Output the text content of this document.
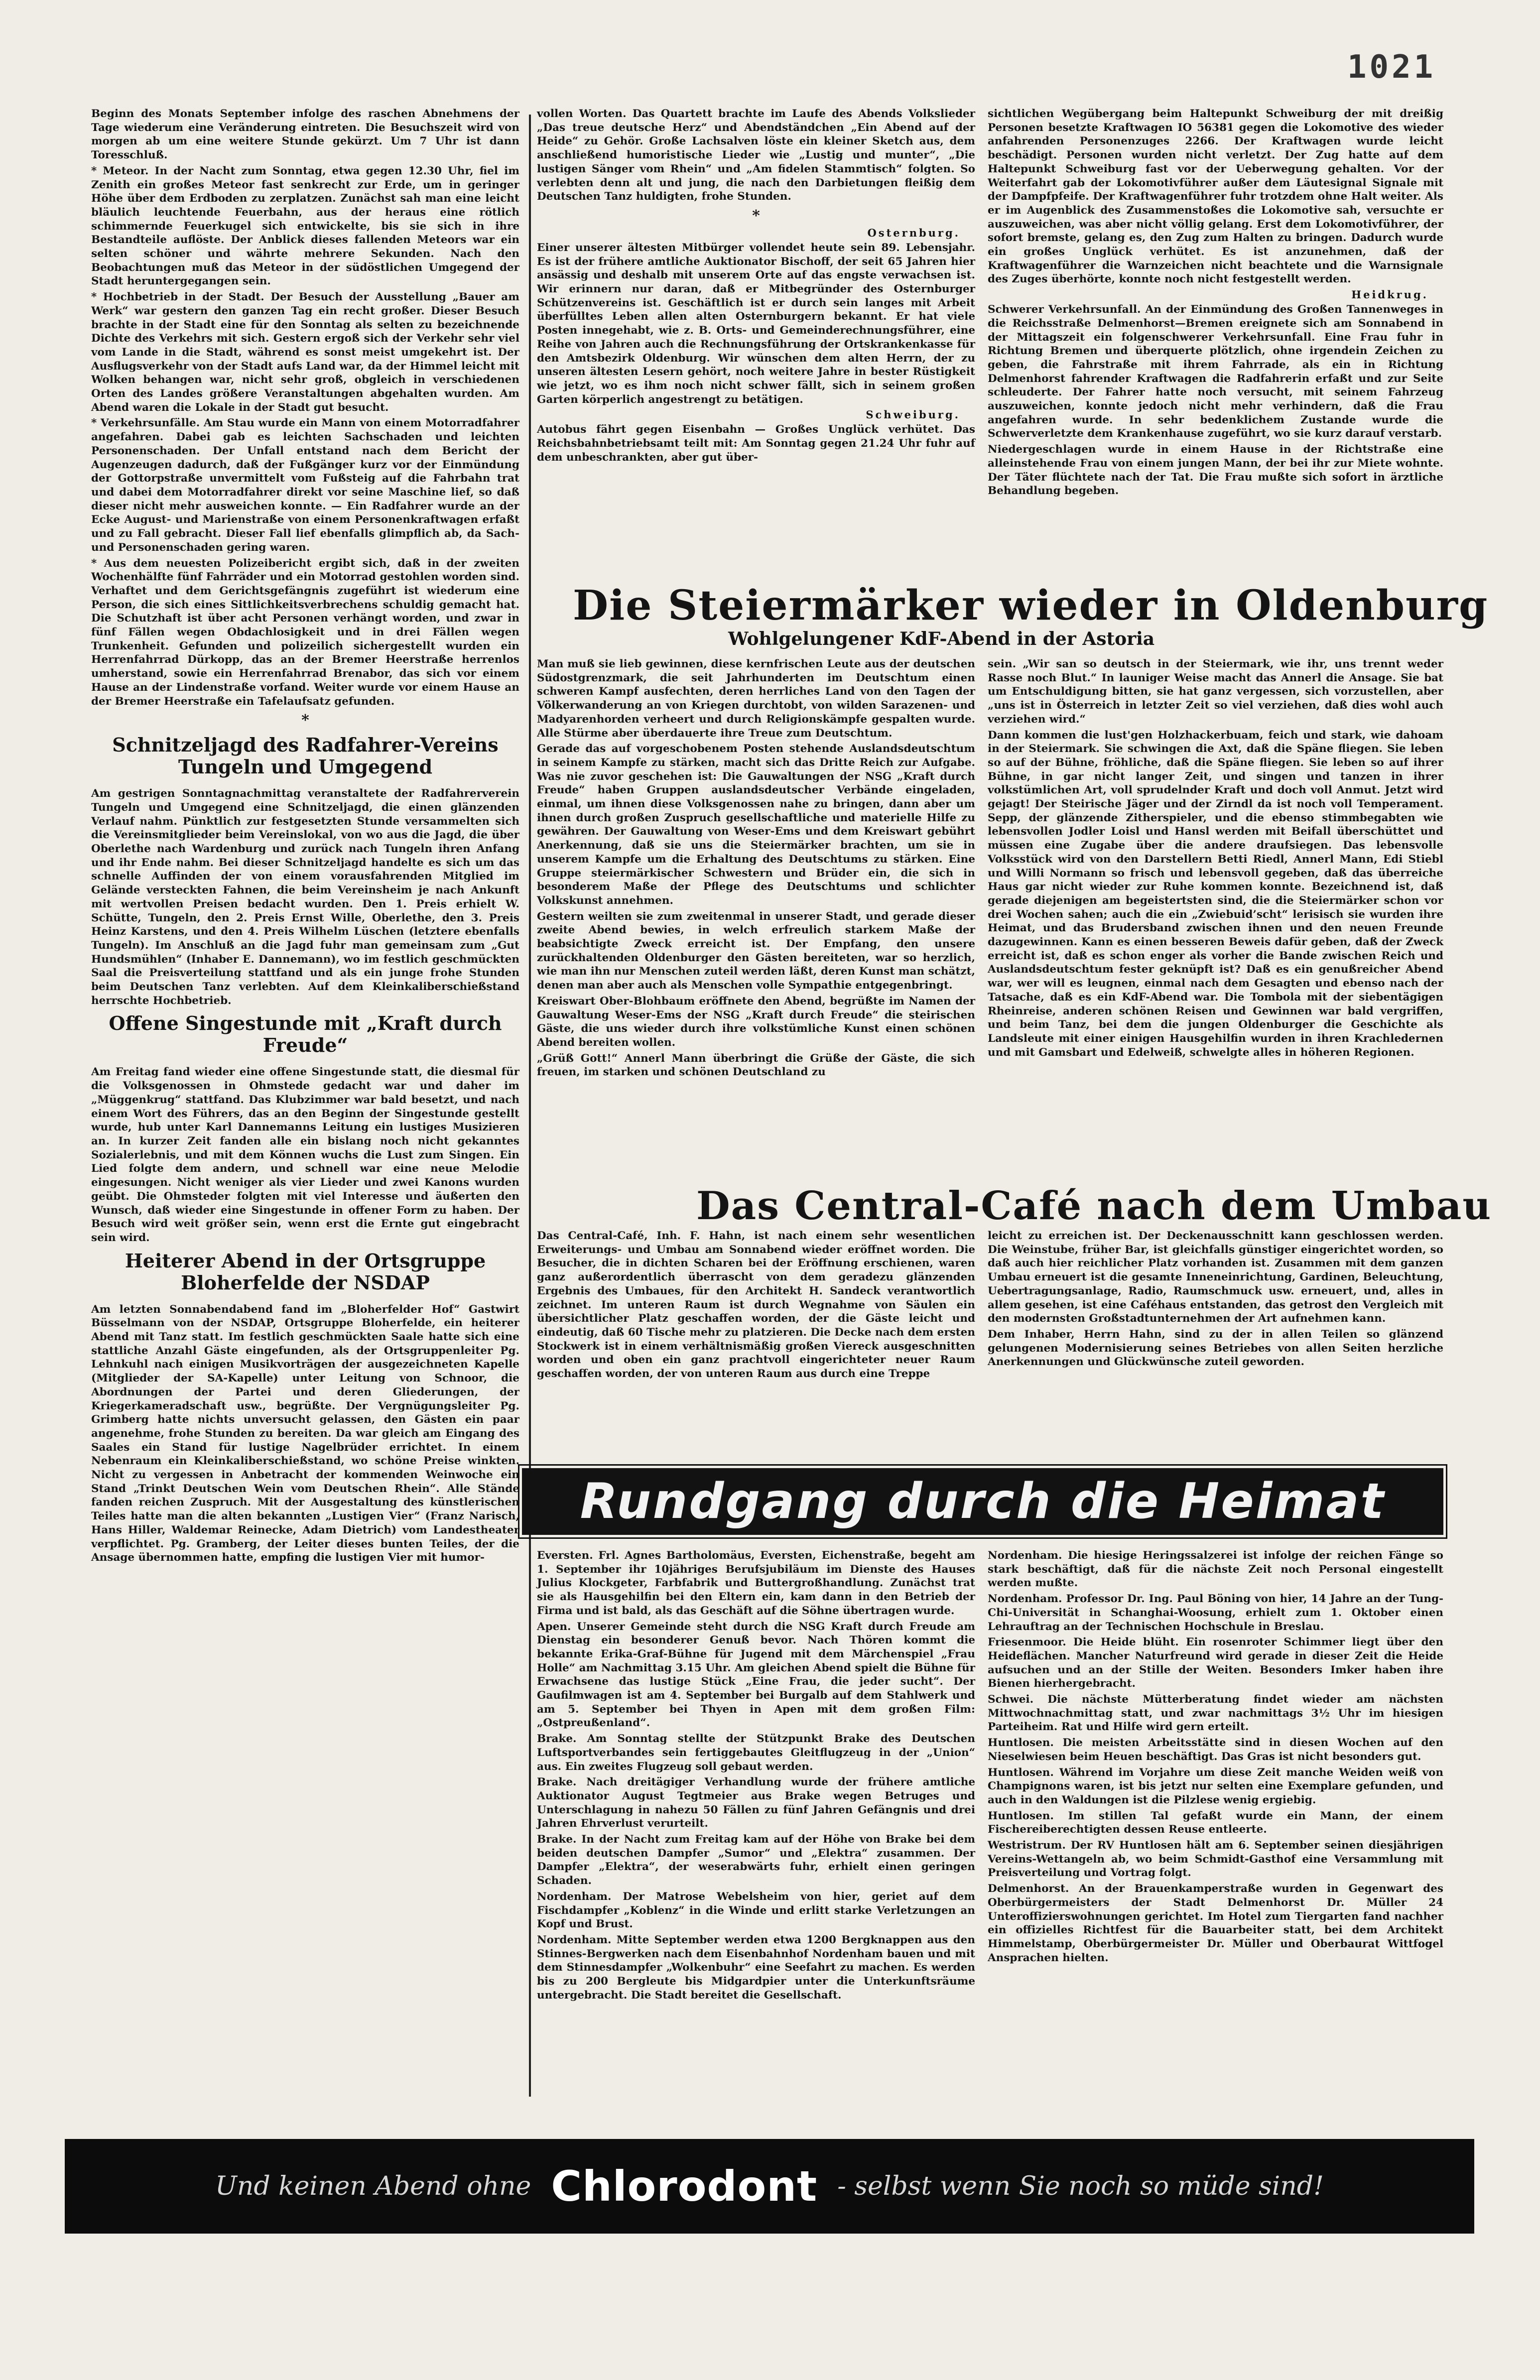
1021

Beginn des Monats September infolge des raschen Abnehmens der Tage wiederum eine Veränderung eintreten. Die Besuchszeit wird von morgen ab um eine weitere Stunde gekürzt. Um 7 Uhr ist dann Toresschluß.

* Meteor. In der Nacht zum Sonntag, etwa gegen 12.30 Uhr, fiel im Zenith ein großes Meteor fast senkrecht zur Erde, um in geringer Höhe über dem Erdboden zu zerplatzen. Zunächst sah man eine leicht bläulich leuchtende Feuerbahn, aus der heraus eine rötlich schimmernde Feuerkugel sich entwickelte, bis sie sich in ihre Bestandteile auflöste. Der Anblick dieses fallenden Meteors war ein selten schöner und währte mehrere Sekunden. Nach den Beobachtungen muß das Meteor in der südöstlichen Umgegend der Stadt heruntergegangen sein.

* Hochbetrieb in der Stadt. Der Besuch der Ausstellung „Bauer am Werk“ war gestern den ganzen Tag ein recht großer. Dieser Besuch brachte in der Stadt eine für den Sonntag als selten zu bezeichnende Dichte des Verkehrs mit sich. Gestern ergoß sich der Verkehr sehr viel vom Lande in die Stadt, während es sonst meist umgekehrt ist. Der Ausflugsverkehr von der Stadt aufs Land war, da der Himmel leicht mit Wolken behangen war, nicht sehr groß, obgleich in verschiedenen Orten des Landes größere Veranstaltungen abgehalten wurden. Am Abend waren die Lokale in der Stadt gut besucht.

* Verkehrsunfälle. Am Stau wurde ein Mann von einem Motorradfahrer angefahren. Dabei gab es leichten Sachschaden und leichten Personenschaden. Der Unfall entstand nach dem Bericht der Augenzeugen dadurch, daß der Fußgänger kurz vor der Einmündung der Gottorpstraße unvermittelt vom Fußsteig auf die Fahrbahn trat und dabei dem Motorradfahrer direkt vor seine Maschine lief, so daß dieser nicht mehr ausweichen konnte. — Ein Radfahrer wurde an der Ecke August- und Marienstraße von einem Personenkraftwagen erfaßt und zu Fall gebracht. Dieser Fall lief ebenfalls glimpflich ab, da Sach- und Personenschaden gering waren.

* Aus dem neuesten Polizeibericht ergibt sich, daß in der zweiten Wochenhälfte fünf Fahrräder und ein Motorrad gestohlen worden sind. Verhaftet und dem Gerichtsgefängnis zugeführt ist wiederum eine Person, die sich eines Sittlichkeitsverbrechens schuldig gemacht hat. Die Schutzhaft ist über acht Personen verhängt worden, und zwar in fünf Fällen wegen Obdachlosigkeit und in drei Fällen wegen Trunkenheit. Gefunden und polizeilich sichergestellt wurden ein Herrenfahrrad Dürkopp, das an der Bremer Heerstraße herrenlos umherstand, sowie ein Herrenfahrrad Brenabor, das sich vor einem Hause an der Lindenstraße vorfand. Weiter wurde vor einem Hause an der Bremer Heerstraße ein Tafelaufsatz gefunden.

*
Schnitzeljagd des Radfahrer-Vereins Tungeln und Umgegend

Am gestrigen Sonntagnachmittag veranstaltete der Radfahrerverein Tungeln und Umgegend eine Schnitzeljagd, die einen glänzenden Verlauf nahm. Pünktlich zur festgesetzten Stunde versammelten sich die Vereinsmitglieder beim Vereinslokal, von wo aus die Jagd, die über Oberlethe nach Wardenburg und zurück nach Tungeln ihren Anfang und ihr Ende nahm. Bei dieser Schnitzeljagd handelte es sich um das schnelle Auffinden der von einem vorausfahrenden Mitglied im Gelände versteckten Fahnen, die beim Vereinsheim je nach Ankunft mit wertvollen Preisen bedacht wurden. Den 1. Preis erhielt W. Schütte, Tungeln, den 2. Preis Ernst Wille, Oberlethe, den 3. Preis Heinz Karstens, und den 4. Preis Wilhelm Lüschen (letztere ebenfalls Tungeln). Im Anschluß an die Jagd fuhr man gemeinsam zum „Gut Hundsmühlen“ (Inhaber E. Dannemann), wo im festlich geschmückten Saal die Preisverteilung stattfand und als ein junge frohe Stunden beim Deutschen Tanz verlebten. Auf dem Kleinkaliberschießstand herrschte Hochbetrieb.

Offene Singestunde mit „Kraft durch Freude“

Am Freitag fand wieder eine offene Singestunde statt, die diesmal für die Volksgenossen in Ohmstede gedacht war und daher im „Müggenkrug“ stattfand. Das Klubzimmer war bald besetzt, und nach einem Wort des Führers, das an den Beginn der Singestunde gestellt wurde, hub unter Karl Dannemanns Leitung ein lustiges Musizieren an. In kurzer Zeit fanden alle ein bislang noch nicht gekanntes Sozialerlebnis, und mit dem Können wuchs die Lust zum Singen. Ein Lied folgte dem andern, und schnell war eine neue Melodie eingesungen. Nicht weniger als vier Lieder und zwei Kanons wurden geübt. Die Ohmsteder folgten mit viel Interesse und äußerten den Wunsch, daß wieder eine Singestunde in offener Form zu haben. Der Besuch wird weit größer sein, wenn erst die Ernte gut eingebracht sein wird.

Heiterer Abend in der Ortsgruppe Bloherfelde der NSDAP

Am letzten Sonnabendabend fand im „Bloherfelder Hof“ Gastwirt Büsselmann von der NSDAP, Ortsgruppe Bloherfelde, ein heiterer Abend mit Tanz statt. Im festlich geschmückten Saale hatte sich eine stattliche Anzahl Gäste eingefunden, als der Ortsgruppenleiter Pg. Lehnkuhl nach einigen Musikvorträgen der ausgezeichneten Kapelle (Mitglieder der SA-Kapelle) unter Leitung von Schnoor, die Abordnungen der Partei und deren Gliederungen, der Kriegerkameradschaft usw., begrüßte. Der Vergnügungsleiter Pg. Grimberg hatte nichts unversucht gelassen, den Gästen ein paar angenehme, frohe Stunden zu bereiten. Da war gleich am Eingang des Saales ein Stand für lustige Nagelbrüder errichtet. In einem Nebenraum ein Kleinkaliberschießstand, wo schöne Preise winkten. Nicht zu vergessen in Anbetracht der kommenden Weinwoche ein Stand „Trinkt Deutschen Wein vom Deutschen Rhein“. Alle Stände fanden reichen Zuspruch. Mit der Ausgestaltung des künstlerischen Teiles hatte man die alten bekannten „Lustigen Vier“ (Franz Narisch, Hans Hiller, Waldemar Reinecke, Adam Dietrich) vom Landestheater verpflichtet. Pg. Gramberg, der Leiter dieses bunten Teiles, der die Ansage übernommen hatte, empfing die lustigen Vier mit humor-

vollen Worten. Das Quartett brachte im Laufe des Abends Volkslieder „Das treue deutsche Herz“ und Abendständchen „Ein Abend auf der Heide“ zu Gehör. Große Lachsalven löste ein kleiner Sketch aus, dem anschließend humoristische Lieder wie „Lustig und munter“, „Die lustigen Sänger vom Rhein“ und „Am fidelen Stammtisch“ folgten. So verlebten denn alt und jung, die nach den Darbietungen fleißig dem Deutschen Tanz huldigten, frohe Stunden.

*
Osternburg.

Einer unserer ältesten Mitbürger vollendet heute sein 89. Lebensjahr. Es ist der frühere amtliche Auktionator Bischoff, der seit 65 Jahren hier ansässig und deshalb mit unserem Orte auf das engste verwachsen ist. Wir erinnern nur daran, daß er Mitbegründer des Osternburger Schützenvereins ist. Geschäftlich ist er durch sein langes mit Arbeit überfülltes Leben allen alten Osternburgern bekannt. Er hat viele Posten innegehabt, wie z. B. Orts- und Gemeinderechnungsführer, eine Reihe von Jahren auch die Rechnungsführung der Ortskrankenkasse für den Amtsbezirk Oldenburg. Wir wünschen dem alten Herrn, der zu unseren ältesten Lesern gehört, noch weitere Jahre in bester Rüstigkeit wie jetzt, wo es ihm noch nicht schwer fällt, sich in seinem großen Garten körperlich angestrengt zu betätigen.

Schweiburg.

Autobus fährt gegen Eisenbahn — Großes Unglück verhütet. Das Reichsbahnbetriebsamt teilt mit: Am Sonntag gegen 21.24 Uhr fuhr auf dem unbeschrankten, aber gut über-

sichtlichen Wegübergang beim Haltepunkt Schweiburg der mit dreißig Personen besetzte Kraftwagen IO 56381 gegen die Lokomotive des wieder anfahrenden Personenzuges 2266. Der Kraftwagen wurde leicht beschädigt. Personen wurden nicht verletzt. Der Zug hatte auf dem Haltepunkt Schweiburg fast vor der Ueberwegung gehalten. Vor der Weiterfahrt gab der Lokomotivführer außer dem Läutesignal Signale mit der Dampfpfeife. Der Kraftwagenführer fuhr trotzdem ohne Halt weiter. Als er im Augenblick des Zusammenstoßes die Lokomotive sah, versuchte er auszuweichen, was aber nicht völlig gelang. Erst dem Lokomotivführer, der sofort bremste, gelang es, den Zug zum Halten zu bringen. Dadurch wurde ein großes Unglück verhütet. Es ist anzunehmen, daß der Kraftwagenführer die Warnzeichen nicht beachtete und die Warnsignale des Zuges überhörte, konnte noch nicht festgestellt werden.

Heidkrug.

Schwerer Verkehrsunfall. An der Einmündung des Großen Tannenweges in die Reichsstraße Delmenhorst—Bremen ereignete sich am Sonnabend in der Mittagszeit ein folgenschwerer Verkehrsunfall. Eine Frau fuhr in Richtung Bremen und überquerte plötzlich, ohne irgendein Zeichen zu geben, die Fahrstraße mit ihrem Fahrrade, als ein in Richtung Delmenhorst fahrender Kraftwagen die Radfahrerin erfaßt und zur Seite schleuderte. Der Fahrer hatte noch versucht, mit seinem Fahrzeug auszuweichen, konnte jedoch nicht mehr verhindern, daß die Frau angefahren wurde. In sehr bedenklichem Zustande wurde die Schwerverletzte dem Krankenhause zugeführt, wo sie kurz darauf verstarb.

Niedergeschlagen wurde in einem Hause in der Richtstraße eine alleinstehende Frau von einem jungen Mann, der bei ihr zur Miete wohnte. Der Täter flüchtete nach der Tat. Die Frau mußte sich sofort in ärztliche Behandlung begeben.

Die Steiermärker wieder in Oldenburg
Wohlgelungener KdF-Abend in der Astoria

Man muß sie lieb gewinnen, diese kernfrischen Leute aus der deutschen Südostgrenzmark, die seit Jahrhunderten im Deutschtum einen schweren Kampf ausfechten, deren herrliches Land von den Tagen der Völkerwanderung an von Kriegen durchtobt, von wilden Sarazenen- und Madyarenhorden verheert und durch Religionskämpfe gespalten wurde. Alle Stürme aber überdauerte ihre Treue zum Deutschtum.

Gerade das auf vorgeschobenem Posten stehende Auslandsdeutschtum in seinem Kampfe zu stärken, macht sich das Dritte Reich zur Aufgabe. Was nie zuvor geschehen ist: Die Gauwaltungen der NSG „Kraft durch Freude“ haben Gruppen auslandsdeutscher Verbände eingeladen, einmal, um ihnen diese Volksgenossen nahe zu bringen, dann aber um ihnen durch großen Zuspruch gesellschaftliche und materielle Hilfe zu gewähren. Der Gauwaltung von Weser-Ems und dem Kreiswart gebührt Anerkennung, daß sie uns die Steiermärker brachten, um sie in unserem Kampfe um die Erhaltung des Deutschtums zu stärken. Eine Gruppe steiermärkischer Schwestern und Brüder ein, die sich in besonderem Maße der Pflege des Deutschtums und schlichter Volkskunst annehmen.

Gestern weilten sie zum zweitenmal in unserer Stadt, und gerade dieser zweite Abend bewies, in welch erfreulich starkem Maße der beabsichtigte Zweck erreicht ist. Der Empfang, den unsere zurückhaltenden Oldenburger den Gästen bereiteten, war so herzlich, wie man ihn nur Menschen zuteil werden läßt, deren Kunst man schätzt, denen man aber auch als Menschen volle Sympathie entgegenbringt.

Kreiswart Ober-Blohbaum eröffnete den Abend, begrüßte im Namen der Gauwaltung Weser-Ems der NSG „Kraft durch Freude“ die steirischen Gäste, die uns wieder durch ihre volkstümliche Kunst einen schönen Abend bereiten wollen.

„Grüß Gott!“ Annerl Mann überbringt die Grüße der Gäste, die sich freuen, im starken und schönen Deutschland zu

sein. „Wir san so deutsch in der Steiermark, wie ihr, uns trennt weder Rasse noch Blut.“ In launiger Weise macht das Annerl die Ansage. Sie bat um Entschuldigung bitten, sie hat ganz vergessen, sich vorzustellen, aber „uns ist in Österreich in letzter Zeit so viel verziehen, daß dies wohl auch verziehen wird.“

Dann kommen die lust'gen Holzhackerbuam, feich und stark, wie dahoam in der Steiermark. Sie schwingen die Axt, daß die Späne fliegen. Sie leben so auf der Bühne, fröhliche, daß die Späne fliegen. Sie leben so auf ihrer Bühne, in gar nicht langer Zeit, und singen und tanzen in ihrer volkstümlichen Art, voll sprudelnder Kraft und doch voll Anmut. Jetzt wird gejagt! Der Steirische Jäger und der Zirndl da ist noch voll Temperament. Sepp, der glänzende Zitherspieler, und die ebenso stimmbegabten wie lebensvollen Jodler Loisl und Hansl werden mit Beifall überschüttet und müssen eine Zugabe über die andere draufsiegen. Das lebensvolle Volksstück wird von den Darstellern Betti Riedl, Annerl Mann, Edi Stiebl und Willi Normann so frisch und lebensvoll gegeben, daß das überreiche Haus gar nicht wieder zur Ruhe kommen konnte. Bezeichnend ist, daß gerade diejenigen am begeistertsten sind, die die Steiermärker schon vor drei Wochen sahen; auch die ein „Zwiebuid’scht“ lerisisch sie wurden ihre Heimat, und das Brudersband zwischen ihnen und den neuen Freunde dazugewinnen. Kann es einen besseren Beweis dafür geben, daß der Zweck erreicht ist, daß es schon enger als vorher die Bande zwischen Reich und Auslandsdeutschtum fester geknüpft ist? Daß es ein genußreicher Abend war, wer will es leugnen, einmal nach dem Gesagten und ebenso nach der Tatsache, daß es ein KdF-Abend war. Die Tombola mit der siebentägigen Rheinreise, anderen schönen Reisen und Gewinnen war bald vergriffen, und beim Tanz, bei dem die jungen Oldenburger die Geschichte als Landsleute mit einer einigen Hausgehilfin wurden in ihren Krachledernen und mit Gamsbart und Edelweiß, schwelgte alles in höheren Regionen.

Das Central-Café nach dem Umbau

Das Central-Café, Inh. F. Hahn, ist nach einem sehr wesentlichen Erweiterungs- und Umbau am Sonnabend wieder eröffnet worden. Die Besucher, die in dichten Scharen bei der Eröffnung erschienen, waren ganz außerordentlich überrascht von dem geradezu glänzenden Ergebnis des Umbaues, für den Architekt H. Sandeck verantwortlich zeichnet. Im unteren Raum ist durch Wegnahme von Säulen ein übersichtlicher Platz geschaffen worden, der die Gäste leicht und eindeutig, daß 60 Tische mehr zu platzieren. Die Decke nach dem ersten Stockwerk ist in einem verhältnismäßig großen Viereck ausgeschnitten worden und oben ein ganz prachtvoll eingerichteter neuer Raum geschaffen worden, der von unteren Raum aus durch eine Treppe

leicht zu erreichen ist. Der Deckenausschnitt kann geschlossen werden. Die Weinstube, früher Bar, ist gleichfalls günstiger eingerichtet worden, so daß auch hier reichlicher Platz vorhanden ist. Zusammen mit dem ganzen Umbau erneuert ist die gesamte Inneneinrichtung, Gardinen, Beleuchtung, Uebertragungsanlage, Radio, Raumschmuck usw. erneuert, und, alles in allem gesehen, ist eine Caféhaus entstanden, das getrost den Vergleich mit den modernsten Großstadtunternehmen der Art aufnehmen kann.

Dem Inhaber, Herrn Hahn, sind zu der in allen Teilen so glänzend gelungenen Modernisierung seines Betriebes von allen Seiten herzliche Anerkennungen und Glückwünsche zuteil geworden.

Rundgang durch die Heimat

Eversten. Frl. Agnes Bartholomäus, Eversten, Eichenstraße, begeht am 1. September ihr 10jähriges Berufsjubiläum im Dienste des Hauses Julius Klockgeter, Farbfabrik und Buttergroßhandlung. Zunächst trat sie als Hausgehilfin bei den Eltern ein, kam dann in den Betrieb der Firma und ist bald, als das Geschäft auf die Söhne übertragen wurde.

Apen. Unserer Gemeinde steht durch die NSG Kraft durch Freude am Dienstag ein besonderer Genuß bevor. Nach Thören kommt die bekannte Erika-Graf-Bühne für Jugend mit dem Märchenspiel „Frau Holle“ am Nachmittag 3.15 Uhr. Am gleichen Abend spielt die Bühne für Erwachsene das lustige Stück „Eine Frau, die jeder sucht“. Der Gaufilmwagen ist am 4. September bei Burgalb auf dem Stahlwerk und am 5. September bei Thyen in Apen mit dem großen Film: „Ostpreußenland“.

Brake. Am Sonntag stellte der Stützpunkt Brake des Deutschen Luftsportverbandes sein fertiggebautes Gleitflugzeug in der „Union“ aus. Ein zweites Flugzeug soll gebaut werden.

Brake. Nach dreitägiger Verhandlung wurde der frühere amtliche Auktionator August Tegtmeier aus Brake wegen Betruges und Unterschlagung in nahezu 50 Fällen zu fünf Jahren Gefängnis und drei Jahren Ehrverlust verurteilt.

Brake. In der Nacht zum Freitag kam auf der Höhe von Brake bei dem beiden deutschen Dampfer „Sumor“ und „Elektra“ zusammen. Der Dampfer „Elektra“, der weserabwärts fuhr, erhielt einen geringen Schaden.

Nordenham. Der Matrose Webelsheim von hier, geriet auf dem Fischdampfer „Koblenz“ in die Winde und erlitt starke Verletzungen an Kopf und Brust.

Nordenham. Mitte September werden etwa 1200 Bergknappen aus den Stinnes-Bergwerken nach dem Eisenbahnhof Nordenham bauen und mit dem Stinnesdampfer „Wolkenbuhr“ eine Seefahrt zu machen. Es werden bis zu 200 Bergleute bis Midgardpier unter die Unterkunftsräume untergebracht. Die Stadt bereitet die Gesellschaft.

Nordenham. Die hiesige Heringssalzerei ist infolge der reichen Fänge so stark beschäftigt, daß für die nächste Zeit noch Personal eingestellt werden mußte.

Nordenham. Professor Dr. Ing. Paul Böning von hier, 14 Jahre an der Tung-Chi-Universität in Schanghai-Woosung, erhielt zum 1. Oktober einen Lehrauftrag an der Technischen Hochschule in Breslau.

Friesenmoor. Die Heide blüht. Ein rosenroter Schimmer liegt über den Heideflächen. Mancher Naturfreund wird gerade in dieser Zeit die Heide aufsuchen und an der Stille der Weiten. Besonders Imker haben ihre Bienen hierhergebracht.

Schwei. Die nächste Mütterberatung findet wieder am nächsten Mittwochnachmittag statt, und zwar nachmittags 3½ Uhr im hiesigen Parteiheim. Rat und Hilfe wird gern erteilt.

Huntlosen. Die meisten Arbeitsstätte sind in diesen Wochen auf den Nieselwiesen beim Heuen beschäftigt. Das Gras ist nicht besonders gut.

Huntlosen. Während im Vorjahre um diese Zeit manche Weiden weiß von Champignons waren, ist bis jetzt nur selten eine Exemplare gefunden, und auch in den Waldungen ist die Pilzlese wenig ergiebig.

Huntlosen. Im stillen Tal gefaßt wurde ein Mann, der einem Fischereiberechtigten dessen Reuse entleerte.

Westristrum. Der RV Huntlosen hält am 6. September seinen diesjährigen Vereins-Wettangeln ab, wo beim Schmidt-Gasthof eine Versammlung mit Preisverteilung und Vortrag folgt.

Delmenhorst. An der Brauenkamperstraße wurden in Gegenwart des Oberbürgermeisters der Stadt Delmenhorst Dr. Müller 24 Unteroffizierswohnungen gerichtet. Im Hotel zum Tiergarten fand nachher ein offizielles Richtfest für die Bauarbeiter statt, bei dem Architekt Himmelstamp, Oberbürgermeister Dr. Müller und Oberbaurat Wittfogel Ansprachen hielten.

Und keinen Abend ohne Chlorodont - selbst wenn Sie noch so müde sind!
